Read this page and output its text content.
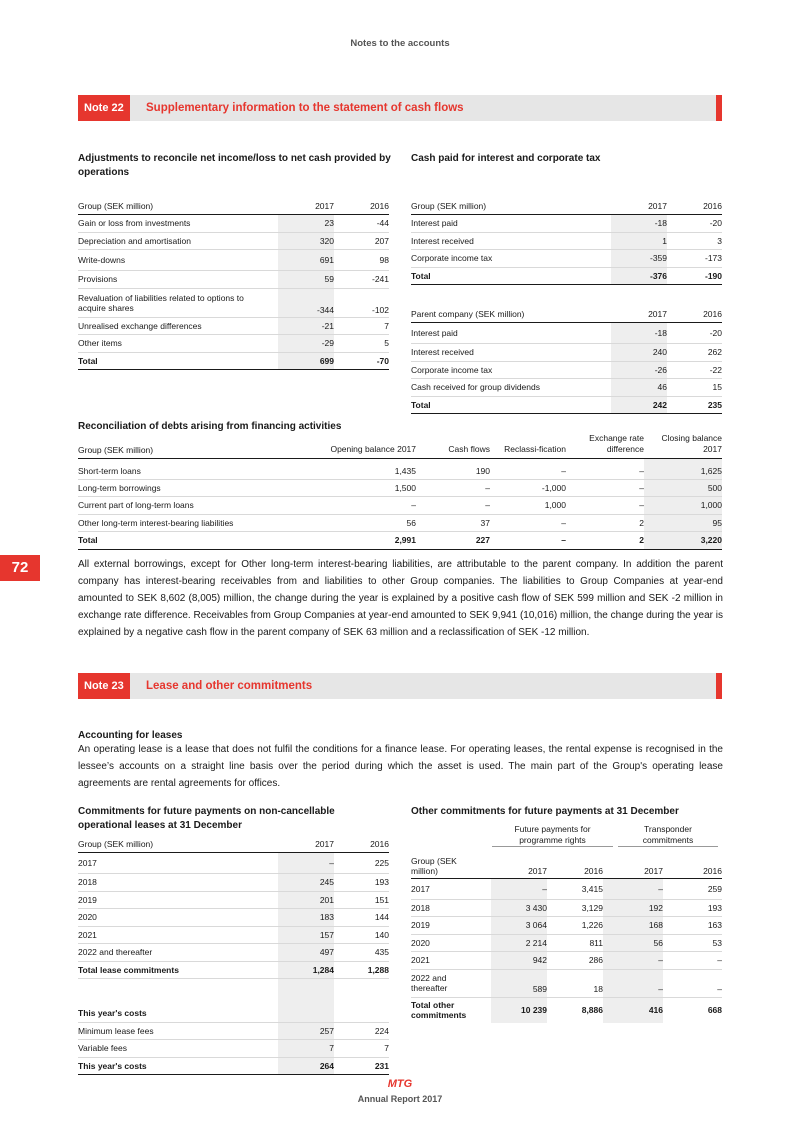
Notes to the accounts
Note 22	Supplementary information to the statement of cash flows
Adjustments to reconcile net income/loss to net cash provided by operations
Group (SEK million)	2017	2016
Gain or loss from investments	23	-44
Depreciation and amortisation	320	207
Write-downs	691	98
Provisions	59	-241
Revaluation of liabilities related to options to acquire shares	-344	-102
Unrealised exchange differences	-21	7
Other items	-29	5
Total	699	-70
Cash paid for interest and corporate tax
Group (SEK million)	2017	2016
Interest paid	-18	-20
Interest received	1	3
Corporate income tax	-359	-173
Total	-376	-190
Parent company (SEK million)	2017	2016
Interest paid	-18	-20
Interest received	240	262
Corporate income tax	-26	-22
Cash received for group dividends	46	15
Total	242	235
Reconciliation of debts arising from financing activities
Group (SEK million)	Opening balance 2017	Cash flows	Reclassi-fication	Exchange rate difference	Closing balance 2017
Short-term loans	1,435	190	–	–	1,625
Long-term borrowings	1,500	–	-1,000	–	500
Current part of long-term loans	–	–	1,000	–	1,000
Other long-term interest-bearing liabilities	56	37	–	2	95
Total	2,991	227	–	2	3,220
72	All external borrowings, except for Other long-term interest-bearing liabilities, are attributable to the parent company. In addition the parent company has interest-bearing receivables from and liabilities to other Group companies. The liabilities to Group Companies at year-end amounted to SEK 8,602 (8,005) million, the change during the year is explained by a positive cash flow of SEK 599 million and SEK -2 million in exchange rate difference. Receivables from Group Companies at year-end amounted to SEK 9,941 (10,016) million, the change during the year is explained by a negative cash flow in the parent company of SEK 63 million and a reclassification of SEK -12 million.
Note 23	Lease and other commitments
Accounting for leases
An operating lease is a lease that does not fulfil the conditions for a finance lease. For operating leases, the rental expense is recognised in the lessee’s accounts on a straight line basis over the period during which the asset is used. The main part of the Group's operating lease agreements are rental agreements for offices.
Commitments for future payments on non-cancellable operational leases at 31 December
Group (SEK million)	2017	2016
2017	–	225
2018	245	193
2019	201	151
2020	183	144
2021	157	140
2022 and thereafter	497	435
Total lease commitments	1,284	1,288

This year's costs		
Minimum lease fees	257	224
Variable fees	7	7
This year's costs	264	231
Other commitments for future payments at 31 December
Future payments for programme rights
Transponder commitments
Group (SEK million)	2017	2016	2017	2016
2017	–	3,415	–	259
2018	3 430	3,129	192	193
2019	3 064	1,226	168	163
2020	2 214	811	56	53
2021	942	286	–	–
2022 and thereafter	589	18	–	–
Total other commitments	10 239	8,886	416	668
MTG
Annual Report 2017
